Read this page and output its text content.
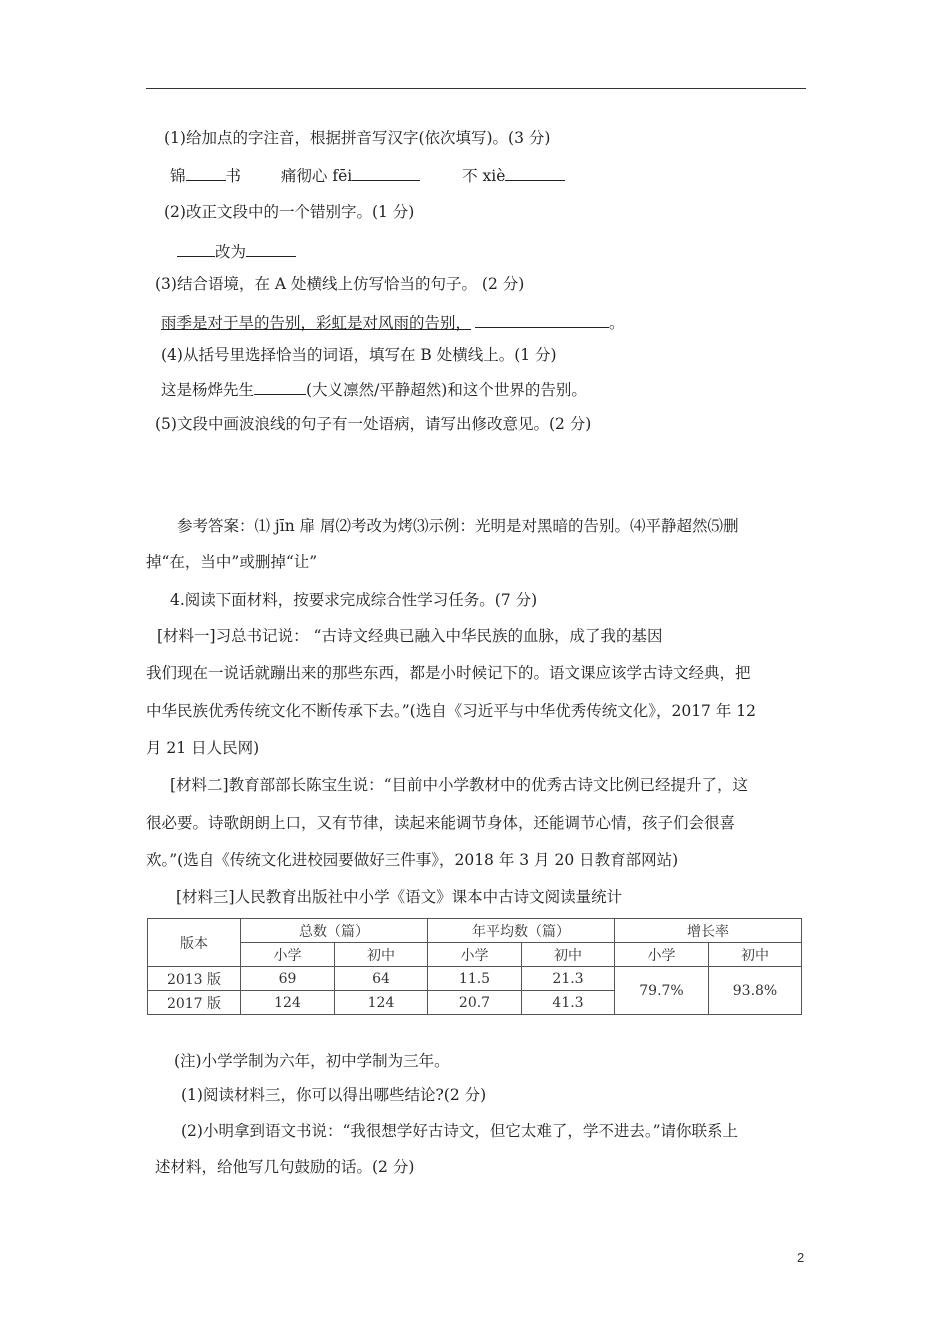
(1)给加点的字注音，根据拼音写汉字(依次填写)。(3 分)
锦	书	痛彻心 fēi	不 xiè
(2)改正文段中的一个错别字。(1 分)
改为
(3)结合语境，在 A 处横线上仿写恰当的句子。 (2 分)
雨季是对于旱的告别，彩虹是对风雨的告别，	。
(4)从括号里选择恰当的词语，填写在 B 处横线上。(1 分)
这是杨烨先生	(大义凛然/平静超然)和这个世界的告别。
(5)文段中画波浪线的句子有一处语病，请写出修改意见。(2 分)
参考答案：⑴ jīn 扉 屑⑵考改为烤⑶示例：光明是对黑暗的告别。⑷平静超然⑸删
掉“在，当中”或删掉“让”
4.阅读下面材料，按要求完成综合性学习任务。(7 分)
[材料一]习总书记说： “古诗文经典已融入中华民族的血脉，成了我的基因
我们现在一说话就蹦出来的那些东西，都是小时候记下的。语文课应该学古诗文经典，把
中华民族优秀传统文化不断传承下去。”(选自《习近平与中华优秀传统文化》，2017 年 12
月 21 日人民网)
[材料二]教育部部长陈宝生说：“目前中小学教材中的优秀古诗文比例已经提升了，这
很必要。诗歌朗朗上口，又有节律，读起来能调节身体，还能调节心情，孩子们会很喜
欢。”(选自《传统文化进校园要做好三件事》，2018 年 3 月 20 日教育部网站)
[材料三]人民教育出版社中小学《语文》课本中古诗文阅读量统计
版本	总数（篇）		年平均数（篇）		增长率	
	小学	初中	小学	初中	小学	初中
2013 版	69	64	11.5	21.3	79.7%	93.8%
2017 版	124	124	20.7	41.3		
(注)小学学制为六年，初中学制为三年。
(1)阅读材料三，你可以得出哪些结论?(2 分)
(2)小明拿到语文书说：“我很想学好古诗文，但它太难了，学不进去。”请你联系上
述材料，给他写几句鼓励的话。(2 分)
2
